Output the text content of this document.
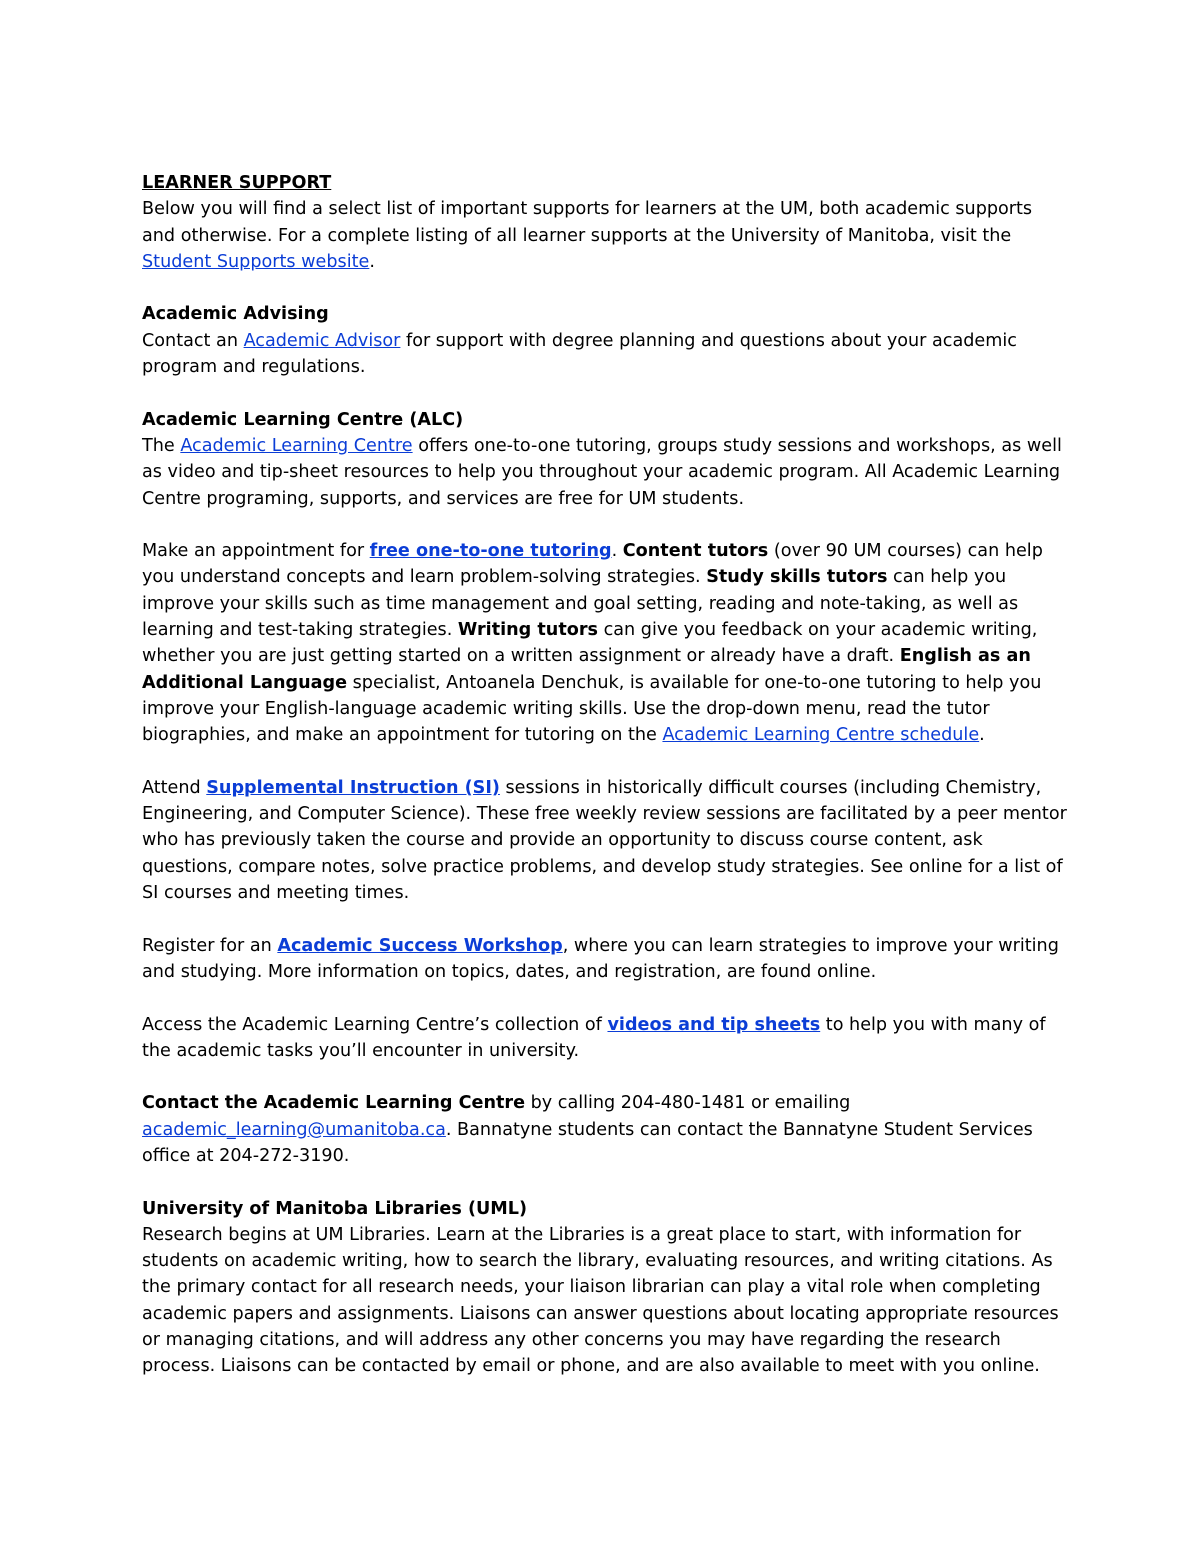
LEARNER SUPPORT
Below you will find a select list of important supports for learners at the UM, both academic supports and otherwise. For a complete listing of all learner supports at the University of Manitoba, visit the Student Supports website.

Academic Advising
Contact an Academic Advisor for support with degree planning and questions about your academic program and regulations.

Academic Learning Centre (ALC)
The Academic Learning Centre offers one-to-one tutoring, groups study sessions and workshops, as well as video and tip-sheet resources to help you throughout your academic program. All Academic Learning Centre programing, supports, and services are free for UM students.

Make an appointment for free one-to-one tutoring. Content tutors (over 90 UM courses) can help you understand concepts and learn problem-solving strategies. Study skills tutors can help you improve your skills such as time management and goal setting, reading and note-taking, as well as learning and test-taking strategies. Writing tutors can give you feedback on your academic writing, whether you are just getting started on a written assignment or already have a draft. English as an Additional Language specialist, Antoanela Denchuk, is available for one-to-one tutoring to help you improve your English-language academic writing skills. Use the drop-down menu, read the tutor biographies, and make an appointment for tutoring on the Academic Learning Centre schedule.

Attend Supplemental Instruction (SI) sessions in historically difficult courses (including Chemistry, Engineering, and Computer Science). These free weekly review sessions are facilitated by a peer mentor who has previously taken the course and provide an opportunity to discuss course content, ask questions, compare notes, solve practice problems, and develop study strategies. See online for a list of SI courses and meeting times.

Register for an Academic Success Workshop, where you can learn strategies to improve your writing and studying. More information on topics, dates, and registration, are found online.

Access the Academic Learning Centre’s collection of videos and tip sheets to help you with many of the academic tasks you’ll encounter in university.

Contact the Academic Learning Centre by calling 204-480-1481 or emailing academic_learning@umanitoba.ca. Bannatyne students can contact the Bannatyne Student Services office at 204-272-3190.

University of Manitoba Libraries (UML)
Research begins at UM Libraries. Learn at the Libraries is a great place to start, with information for students on academic writing, how to search the library, evaluating resources, and writing citations. As the primary contact for all research needs, your liaison librarian can play a vital role when completing academic papers and assignments. Liaisons can answer questions about locating appropriate resources or managing citations, and will address any other concerns you may have regarding the research process. Liaisons can be contacted by email or phone, and are also available to meet with you online.
